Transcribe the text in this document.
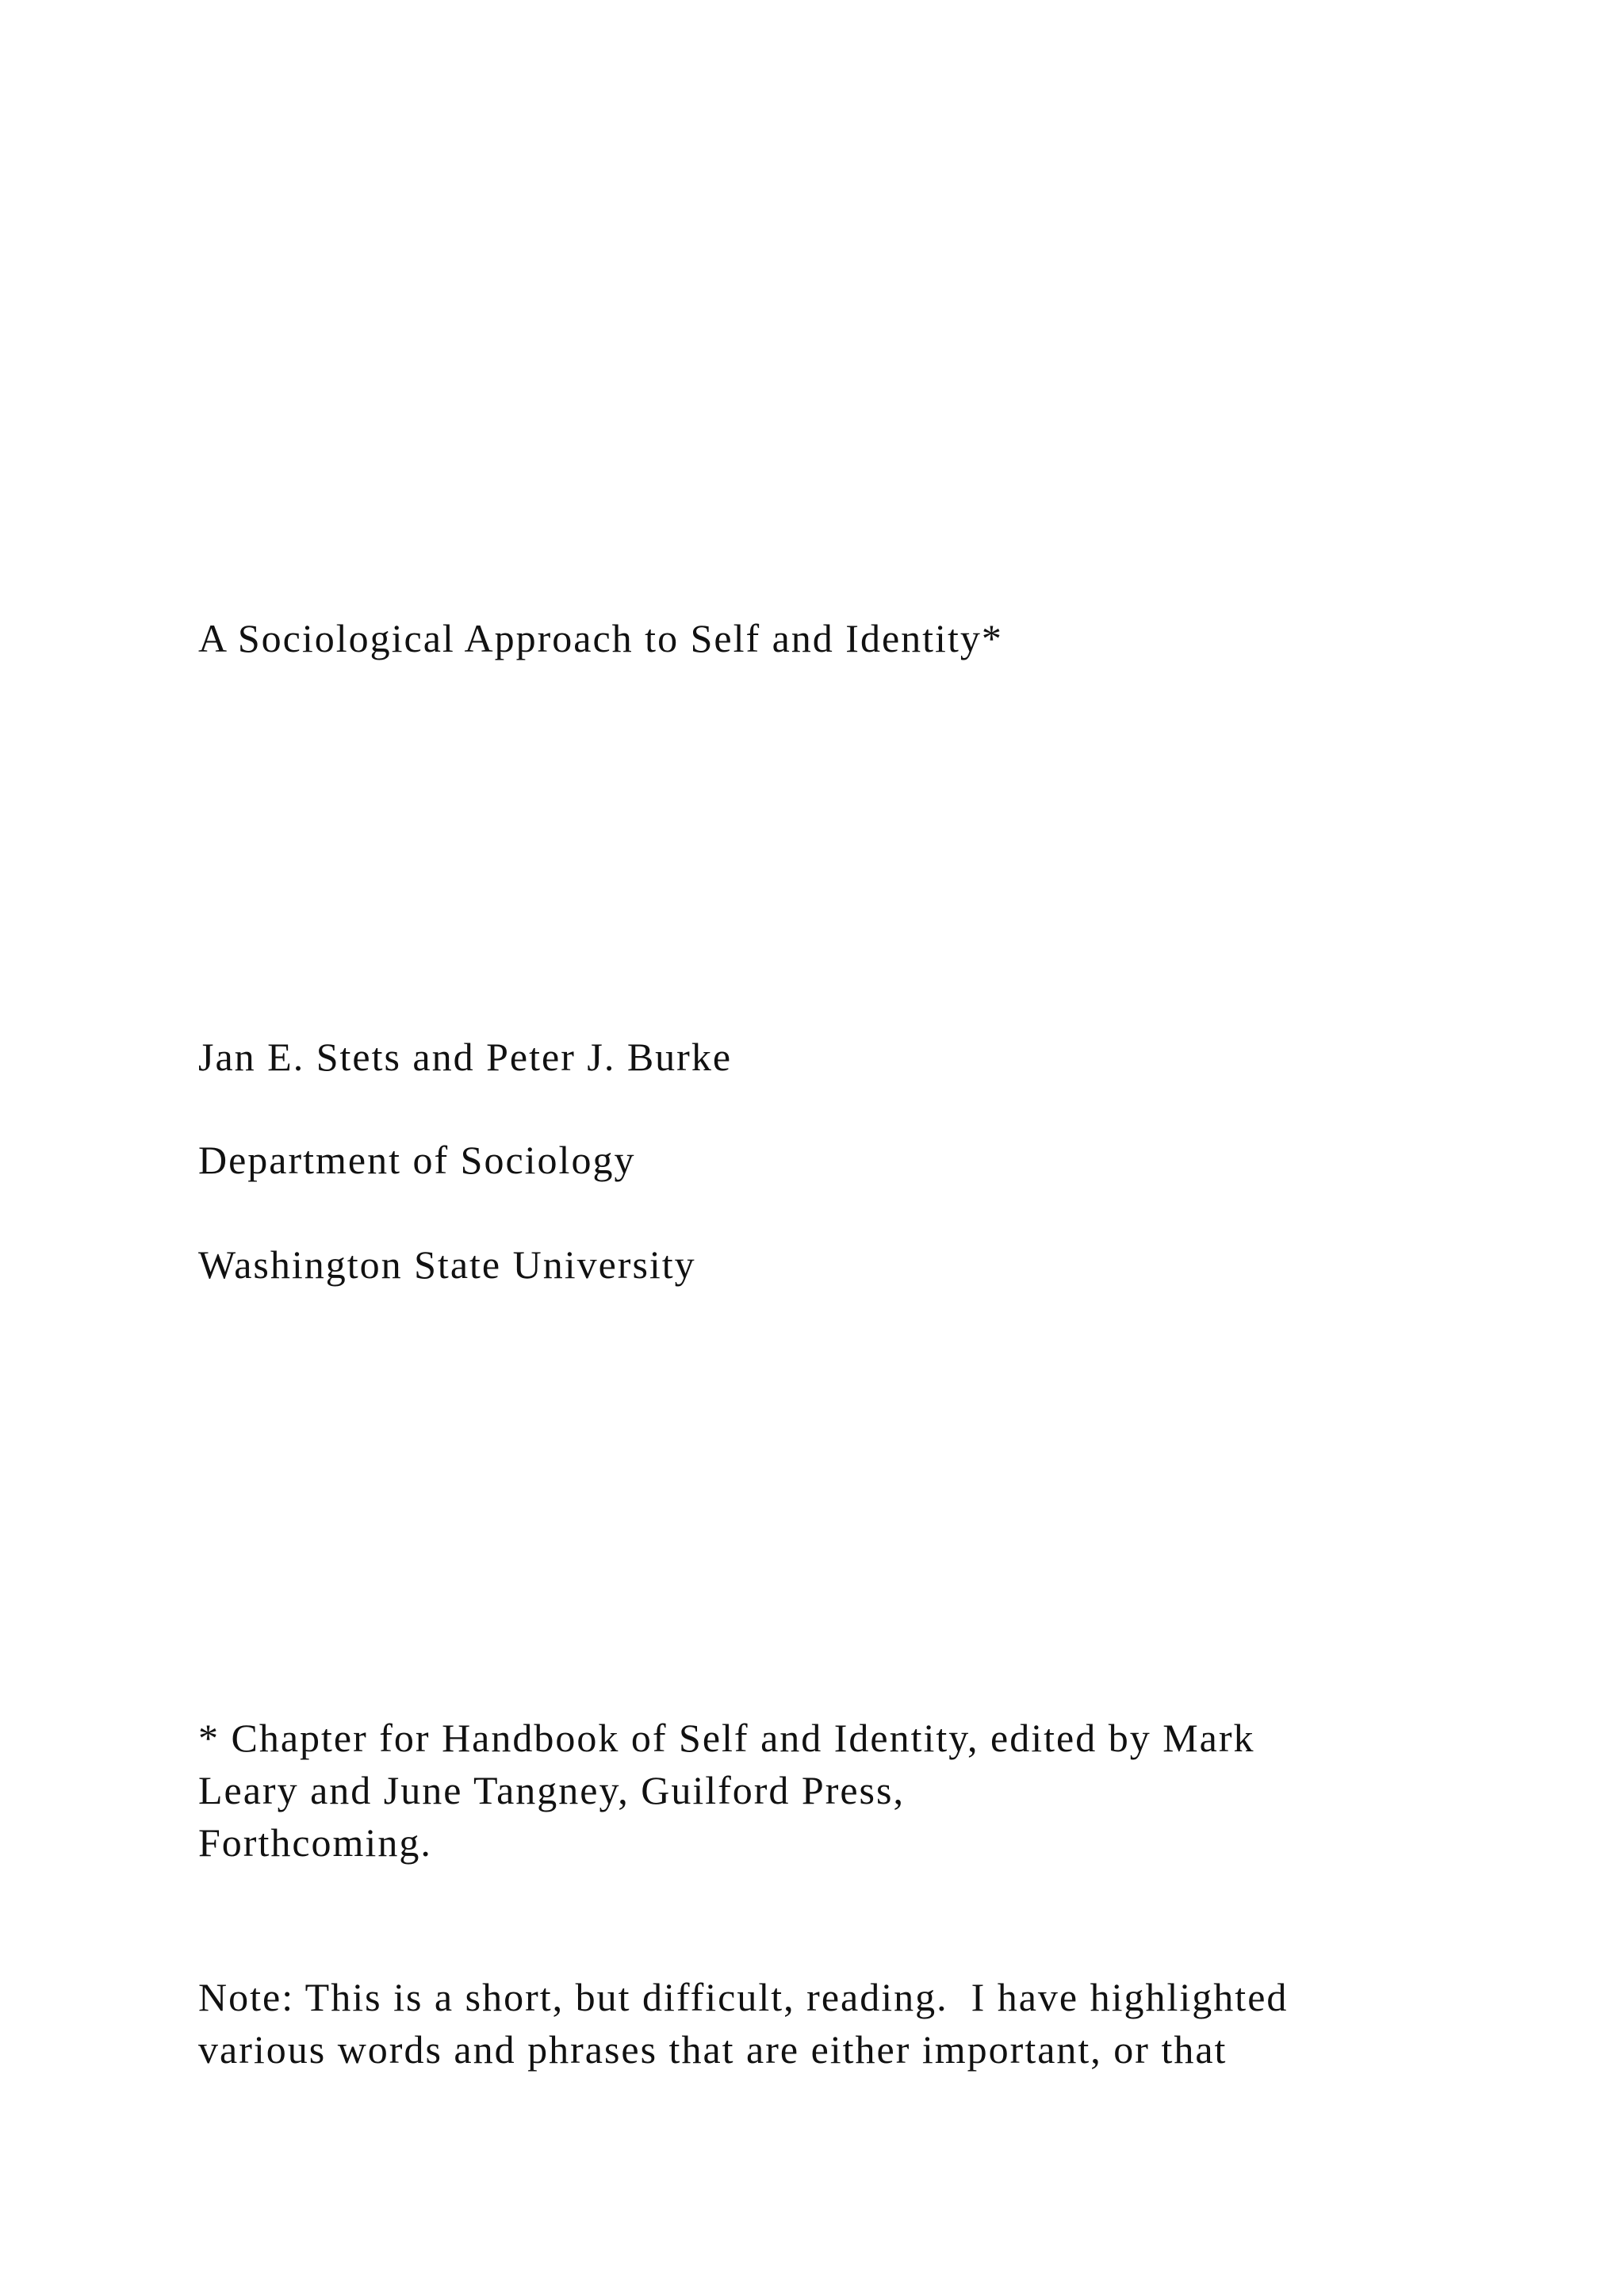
A Sociological Approach to Self and Identity*

Jan E. Stets and Peter J. Burke

Department of Sociology

Washington State University

* Chapter for Handbook of Self and Identity, edited by Mark

Leary and June Tangney, Guilford Press,

Forthcoming.

Note: This is a short, but difficult, reading.  I have highlighted

various words and phrases that are either important, or that
